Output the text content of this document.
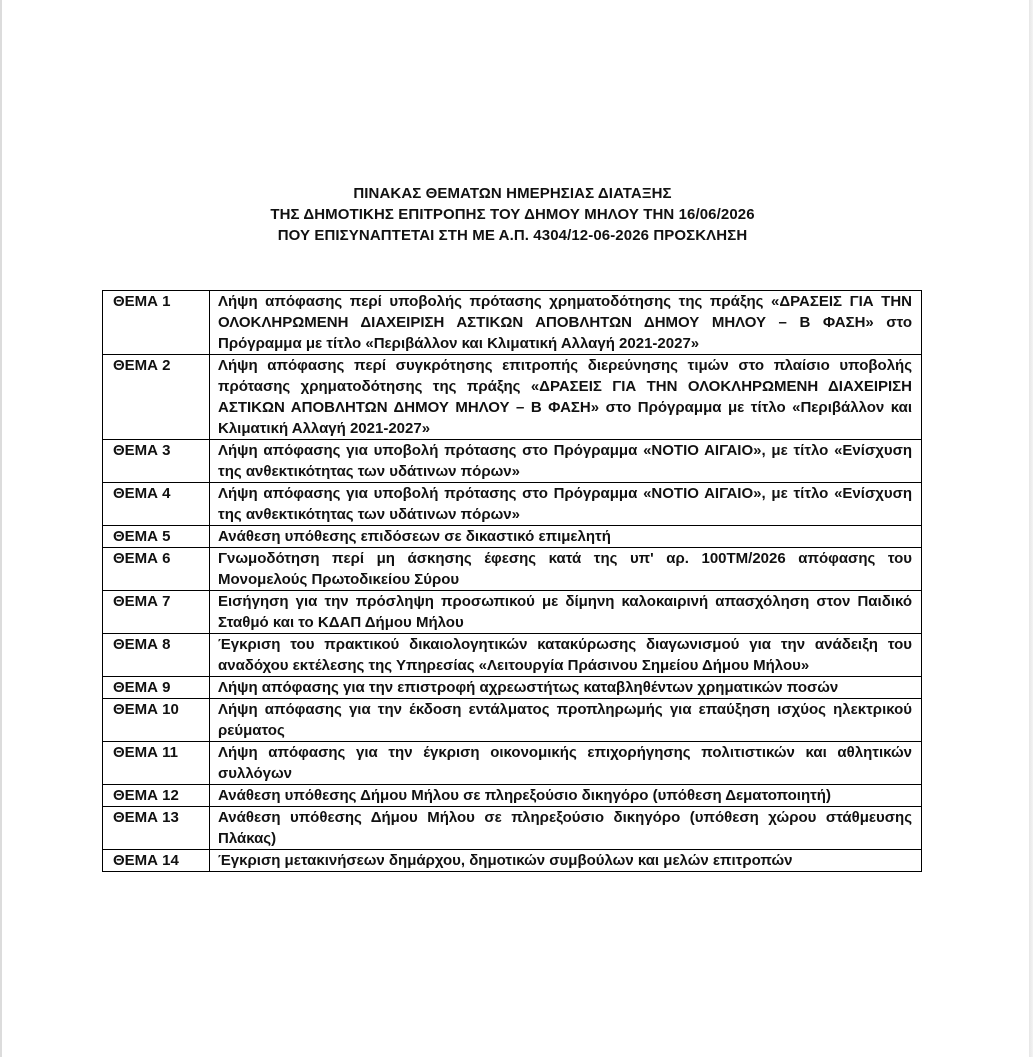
ΠΙΝΑΚΑΣ ΘΕΜΑΤΩΝ ΗΜΕΡΗΣΙΑΣ ΔΙΑΤΑΞΗΣ
ΤΗΣ ΔΗΜΟΤΙΚΗΣ ΕΠΙΤΡΟΠΗΣ ΤΟΥ ΔΗΜΟΥ ΜΗΛΟΥ ΤΗΝ 16/06/2026
ΠΟΥ ΕΠΙΣΥΝΑΠΤΕΤΑΙ ΣΤΗ ΜΕ Α.Π. 4304/12-06-2026 ΠΡΟΣΚΛΗΣΗ
ΘΕΜΑ 1	Λήψη απόφασης περί υποβολής πρότασης χρηματοδότησης της πράξης «ΔΡΑΣΕΙΣ ΓΙΑ ΤΗΝ ΟΛΟΚΛΗΡΩΜΕΝΗ ΔΙΑΧΕΙΡΙΣΗ ΑΣΤΙΚΩΝ ΑΠΟΒΛΗΤΩΝ ΔΗΜΟΥ ΜΗΛΟΥ – Β ΦΑΣΗ» στο Πρόγραμμα με τίτλο «Περιβάλλον και Κλιματική Αλλαγή 2021-2027»
ΘΕΜΑ 2	Λήψη απόφασης περί συγκρότησης επιτροπής διερεύνησης τιμών στο πλαίσιο υποβολής πρότασης χρηματοδότησης της πράξης «ΔΡΑΣΕΙΣ ΓΙΑ ΤΗΝ ΟΛΟΚΛΗΡΩΜΕΝΗ ΔΙΑΧΕΙΡΙΣΗ ΑΣΤΙΚΩΝ ΑΠΟΒΛΗΤΩΝ ΔΗΜΟΥ ΜΗΛΟΥ – Β ΦΑΣΗ» στο Πρόγραμμα με τίτλο «Περιβάλλον και Κλιματική Αλλαγή 2021-2027»
ΘΕΜΑ 3	Λήψη απόφασης για υποβολή πρότασης στο Πρόγραμμα «ΝΟΤΙΟ ΑΙΓΑΙΟ», με τίτλο «Ενίσχυση της ανθεκτικότητας των υδάτινων πόρων»
ΘΕΜΑ 4	Λήψη απόφασης για υποβολή πρότασης στο Πρόγραμμα «ΝΟΤΙΟ ΑΙΓΑΙΟ», με τίτλο «Ενίσχυση της ανθεκτικότητας των υδάτινων πόρων»
ΘΕΜΑ 5	Ανάθεση υπόθεσης επιδόσεων σε δικαστικό επιμελητή
ΘΕΜΑ 6	Γνωμοδότηση περί μη άσκησης έφεσης κατά της υπ' αρ. 100ΤΜ/2026 απόφασης του Μονομελούς Πρωτοδικείου Σύρου
ΘΕΜΑ 7	Εισήγηση για την πρόσληψη προσωπικού με δίμηνη καλοκαιρινή απασχόληση στον Παιδικό Σταθμό και το ΚΔΑΠ Δήμου Μήλου
ΘΕΜΑ 8	Έγκριση του πρακτικού δικαιολογητικών κατακύρωσης διαγωνισμού για την ανάδειξη του αναδόχου εκτέλεσης της Υπηρεσίας «Λειτουργία Πράσινου Σημείου Δήμου Μήλου»
ΘΕΜΑ 9	Λήψη απόφασης για την επιστροφή αχρεωστήτως καταβληθέντων χρηματικών ποσών
ΘΕΜΑ 10	Λήψη απόφασης για την έκδοση εντάλματος προπληρωμής για επαύξηση ισχύος ηλεκτρικού ρεύματος
ΘΕΜΑ 11	Λήψη απόφασης για την έγκριση οικονομικής επιχορήγησης πολιτιστικών και αθλητικών συλλόγων
ΘΕΜΑ 12	Ανάθεση υπόθεσης Δήμου Μήλου σε πληρεξούσιο δικηγόρο (υπόθεση Δεματοποιητή)
ΘΕΜΑ 13	Ανάθεση υπόθεσης Δήμου Μήλου σε πληρεξούσιο δικηγόρο (υπόθεση χώρου στάθμευσης Πλάκας)
ΘΕΜΑ 14	Έγκριση μετακινήσεων δημάρχου, δημοτικών συμβούλων και μελών επιτροπών
